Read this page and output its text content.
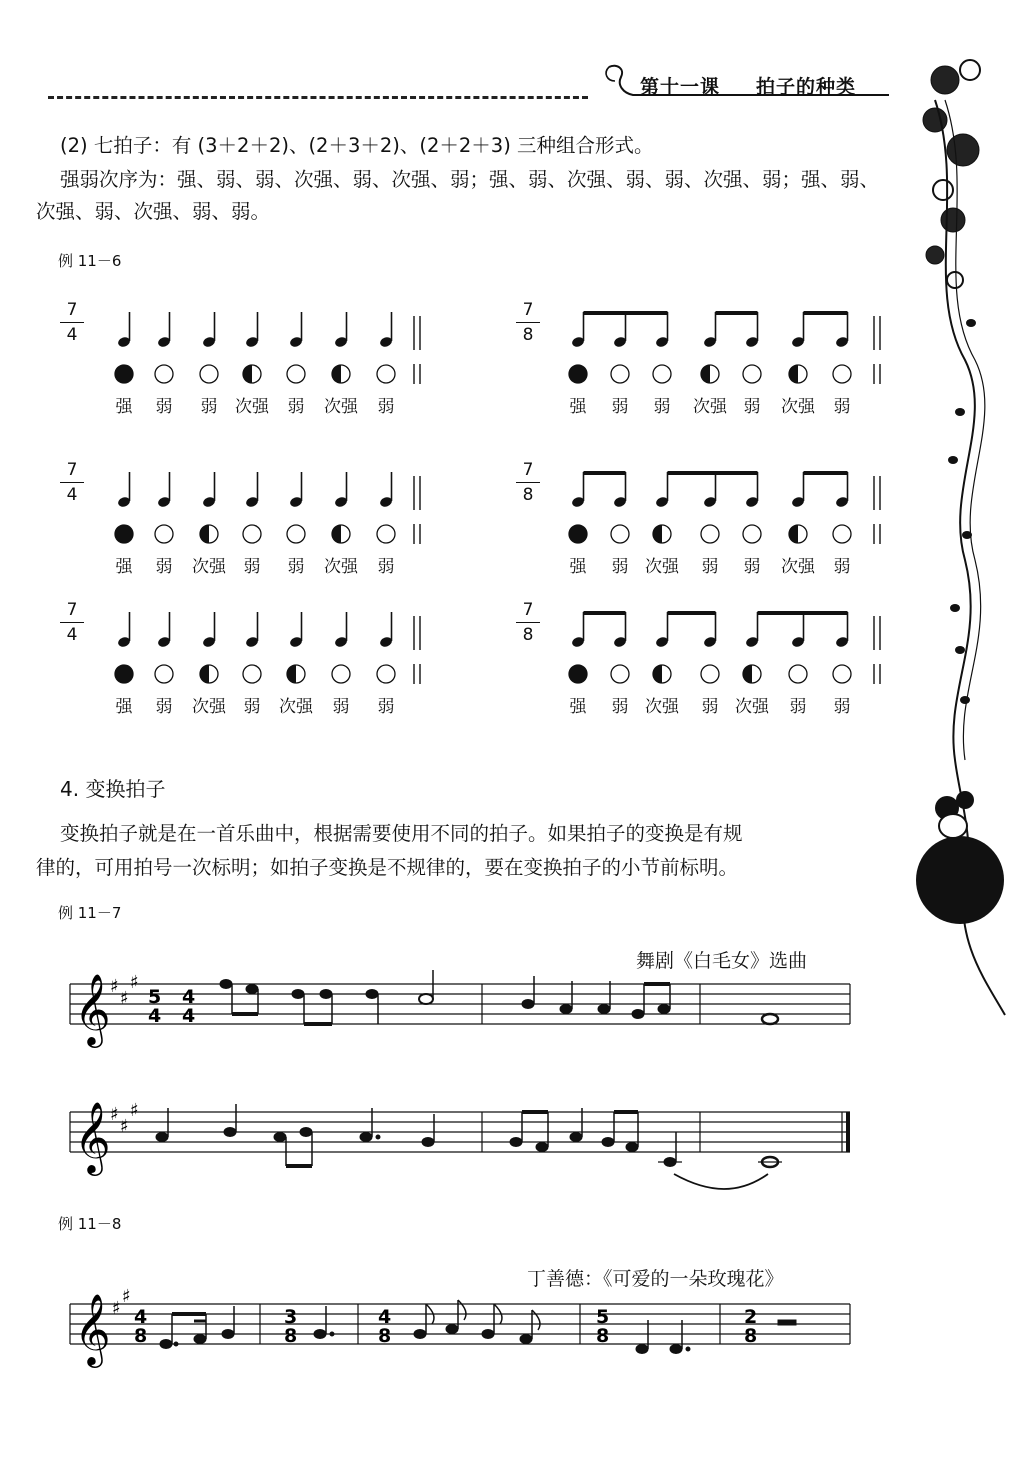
第十一课 拍子的种类
(2) 七拍子：有 (3＋2＋2)、(2＋3＋2)、(2＋2＋3) 三种组合形式。
强弱次序为：强、弱、弱、次强、弱、次强、弱；强、弱、次强、弱、弱、次强、弱；强、弱、
次强、弱、次强、弱、弱。
例 11－6
7
4
强 弱 弱 次强 弱 次强 弱
7
8
强 弱 弱 次强 弱 次强 弱
7
4
强 弱 次强 弱 弱 次强 弱
7
8
强 弱 次强 弱 弱 次强 弱
7
4
强 弱 次强 弱 次强 弱 弱
7
8
强 弱 次强 弱 次强 弱 弱
4. 变换拍子
变换拍子就是在一首乐曲中，根据需要使用不同的拍子。如果拍子的变换是有规
律的，可用拍号一次标明；如拍子变换是不规律的，要在变换拍子的小节前标明。
例 11－7
舞剧《白毛女》选曲
𝄞 ♯
♯
♯
5
4
4
4
𝄞 ♯
♯
♯
例 11－8
丁善德：《可爱的一朵玫瑰花》
𝄞 ♯
♯
4
8
3
8
4
8
5
8
2
8
